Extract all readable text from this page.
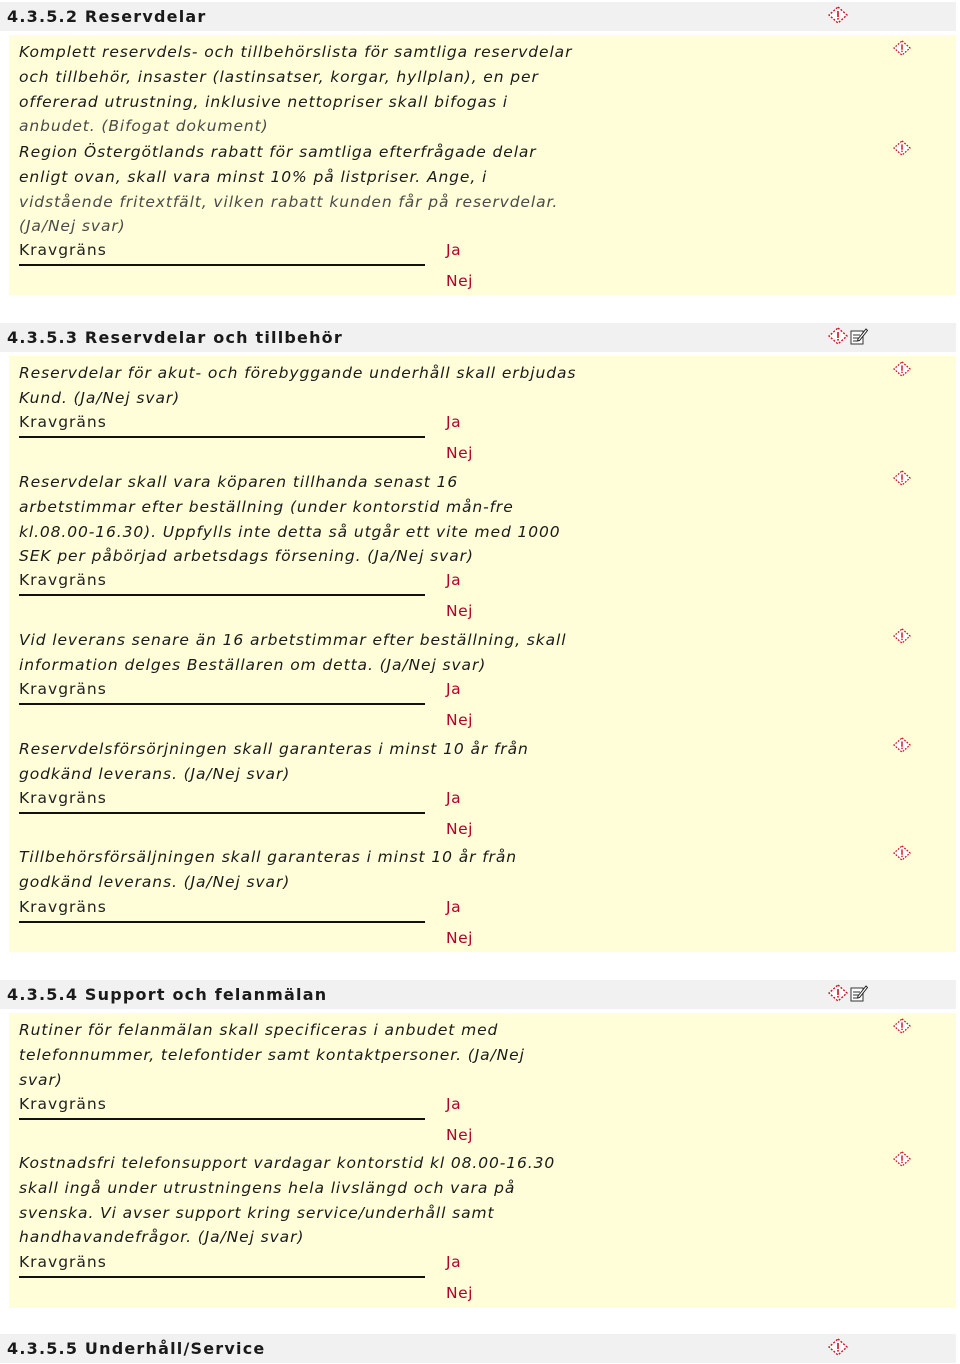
4.3.5.2 Reservdelar
Komplett reservdels- och tillbehörslista för samtliga reservdelar
och tillbehör, insaster (lastinsatser, korgar, hyllplan), en per
offererad utrustning, inklusive nettopriser skall bifogas i
anbudet. (Bifogat dokument)
Region Östergötlands rabatt för samtliga efterfrågade delar
enligt ovan, skall vara minst 10% på listpriser. Ange, i
vidstående fritextfält, vilken rabatt kunden får på reservdelar.
(Ja/Nej svar)
Kravgräns	Ja
Nej
4.3.5.3 Reservdelar och tillbehör
Reservdelar för akut- och förebyggande underhåll skall erbjudas
Kund. (Ja/Nej svar)
Kravgräns	Ja
Nej
Reservdelar skall vara köparen tillhanda senast 16
arbetstimmar efter beställning (under kontorstid mån-fre
kl.08.00-16.30). Uppfylls inte detta så utgår ett vite med 1000
SEK per påbörjad arbetsdags försening. (Ja/Nej svar)
Kravgräns	Ja
Nej
Vid leverans senare än 16 arbetstimmar efter beställning, skall
information delges Beställaren om detta. (Ja/Nej svar)
Kravgräns	Ja
Nej
Reservdelsförsörjningen skall garanteras i minst 10 år från
godkänd leverans. (Ja/Nej svar)
Kravgräns	Ja
Nej
Tillbehörsförsäljningen skall garanteras i minst 10 år från
godkänd leverans. (Ja/Nej svar)
Kravgräns	Ja
Nej
4.3.5.4 Support och felanmälan
Rutiner för felanmälan skall specificeras i anbudet med
telefonnummer, telefontider samt kontaktpersoner. (Ja/Nej
svar)
Kravgräns	Ja
Nej
Kostnadsfri telefonsupport vardagar kontorstid kl 08.00-16.30
skall ingå under utrustningens hela livslängd och vara på
svenska. Vi avser support kring service/underhåll samt
handhavandefrågor. (Ja/Nej svar)
Kravgräns	Ja
Nej
4.3.5.5 Underhåll/Service
